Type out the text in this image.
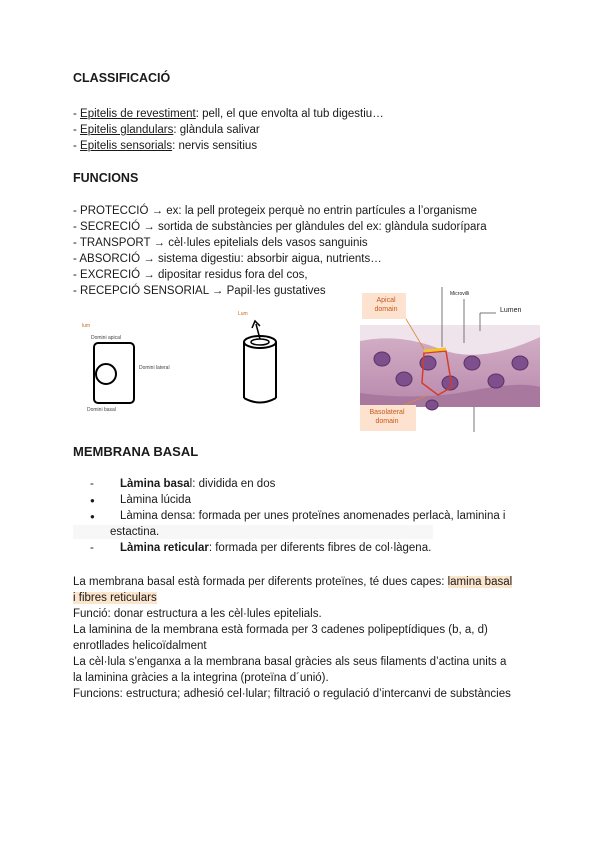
CLASSIFICACIÓ
- Epitelis de revestiment: pell, el que envolta al tub digestiu…
- Epitelis glandulars: glàndula salivar
- Epitelis sensorials: nervis sensitius
FUNCIONS
- PROTECCIÓ → ex: la pell protegeix perquè no entrin partícules a l’organisme
- SECRECIÓ → sortida de substàncies per glàndules del ex: glàndula sudorípara
- TRANSPORT → cèl·lules epitelials dels vasos sanguinis
- ABSORCIÓ → sistema digestiu: absorbir aigua, nutrients…
- EXCRECIÓ → dipositar residus fora del cos,
- RECEPCIÓ SENSORIAL → Papil·les gustatives
lum
Domini apical
Domini lateral
Domini basal
Lum
Apical
domain
Microvilli
Lumen
Basolateral
domain
MEMBRANA BASAL
- Làmina basal: dividida en dos
● Làmina lúcida
● Làmina densa: formada per unes proteïnes anomenades perlacà, laminina i
estactina.
- Làmina reticular: formada per diferents fibres de col·làgena.
La membrana basal està formada per diferents proteïnes, té dues capes: lamina basal i fibres reticulars
Funció: donar estructura a les cèl·lules epitelials.
La laminina de la membrana està formada per 3 cadenes polipeptídiques (b, a, d) enrotllades helicoïdalment
La cèl·lula s’enganxa a la membrana basal gràcies als seus filaments d’actina units a la laminina gràcies a la integrina (proteïna d´unió).
Funcions: estructura; adhesió cel·lular; filtració o regulació d’intercanvi de substàncies
